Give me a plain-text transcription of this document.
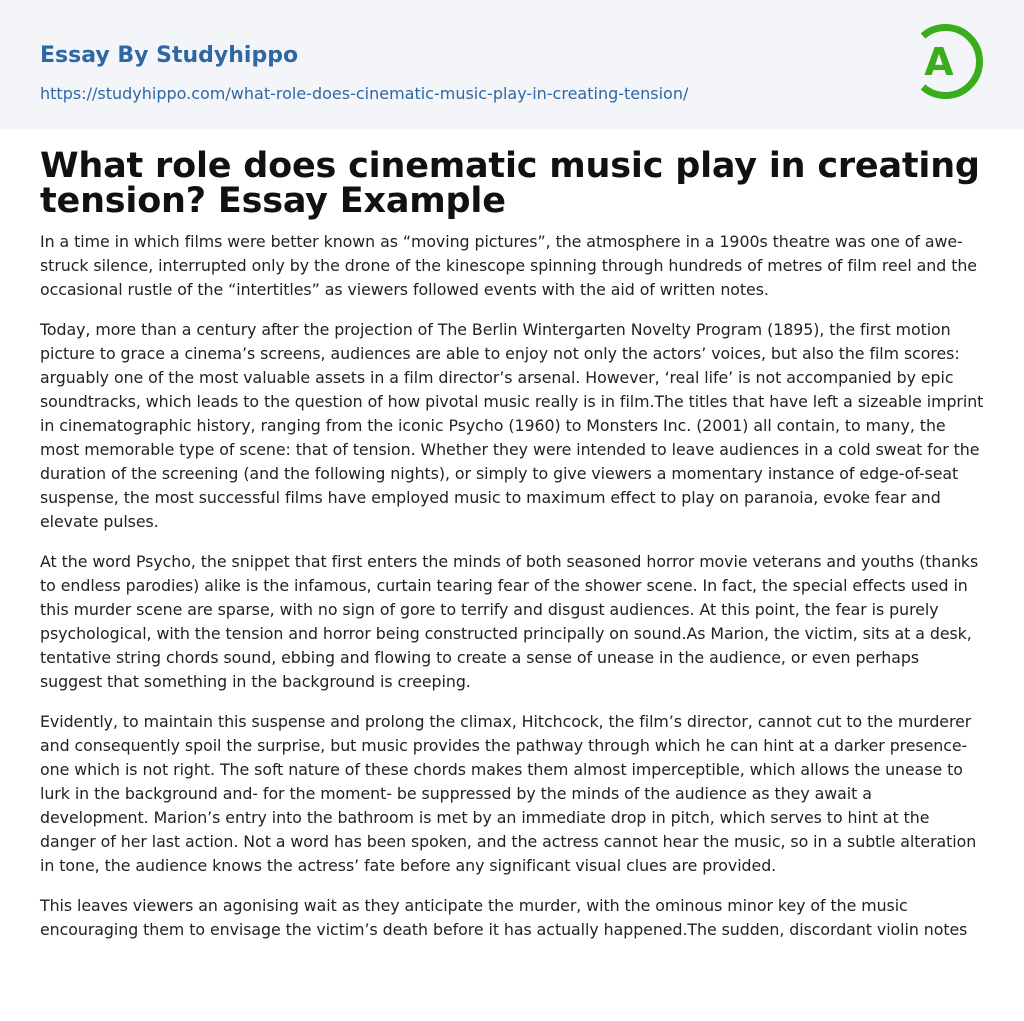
Essay By Studyhippo
https://studyhippo.com/what-role-does-cinematic-music-play-in-creating-tension/
A
What role does cinematic music play in creating tension? Essay Example

In a time in which films were better known as “moving pictures”, the atmosphere in a 1900s theatre was one of awe-struck silence, interrupted only by the drone of the kinescope spinning through hundreds of metres of film reel and the occasional rustle of the “intertitles” as viewers followed events with the aid of written notes.

Today, more than a century after the projection of The Berlin Wintergarten Novelty Program (1895), the first motion picture to grace a cinema’s screens, audiences are able to enjoy not only the actors’ voices, but also the film scores: arguably one of the most valuable assets in a film director’s arsenal. However, ‘real life’ is not accompanied by epic soundtracks, which leads to the question of how pivotal music really is in film.The titles that have left a sizeable imprint in cinematographic history, ranging from the iconic Psycho (1960) to Monsters Inc. (2001) all contain, to many, the most memorable type of scene: that of tension. Whether they were intended to leave audiences in a cold sweat for the duration of the screening (and the following nights), or simply to give viewers a momentary instance of edge-of-seat suspense, the most successful films have employed music to maximum effect to play on paranoia, evoke fear and elevate pulses.

At the word Psycho, the snippet that first enters the minds of both seasoned horror movie veterans and youths (thanks to endless parodies) alike is the infamous, curtain tearing fear of the shower scene. In fact, the special effects used in this murder scene are sparse, with no sign of gore to terrify and disgust audiences. At this point, the fear is purely psychological, with the tension and horror being constructed principally on sound.As Marion, the victim, sits at a desk, tentative string chords sound, ebbing and flowing to create a sense of unease in the audience, or even perhaps suggest that something in the background is creeping.

Evidently, to maintain this suspense and prolong the climax, Hitchcock, the film’s director, cannot cut to the murderer and consequently spoil the surprise, but music provides the pathway through which he can hint at a darker presence- one which is not right. The soft nature of these chords makes them almost imperceptible, which allows the unease to lurk in the background and- for the moment- be suppressed by the minds of the audience as they await a development. Marion’s entry into the bathroom is met by an immediate drop in pitch, which serves to hint at the danger of her last action. Not a word has been spoken, and the actress cannot hear the music, so in a subtle alteration in tone, the audience knows the actress’ fate before any significant visual clues are provided.

This leaves viewers an agonising wait as they anticipate the murder, with the ominous minor key of the music encouraging them to envisage the victim’s death before it has actually happened.The sudden, discordant violin notes
